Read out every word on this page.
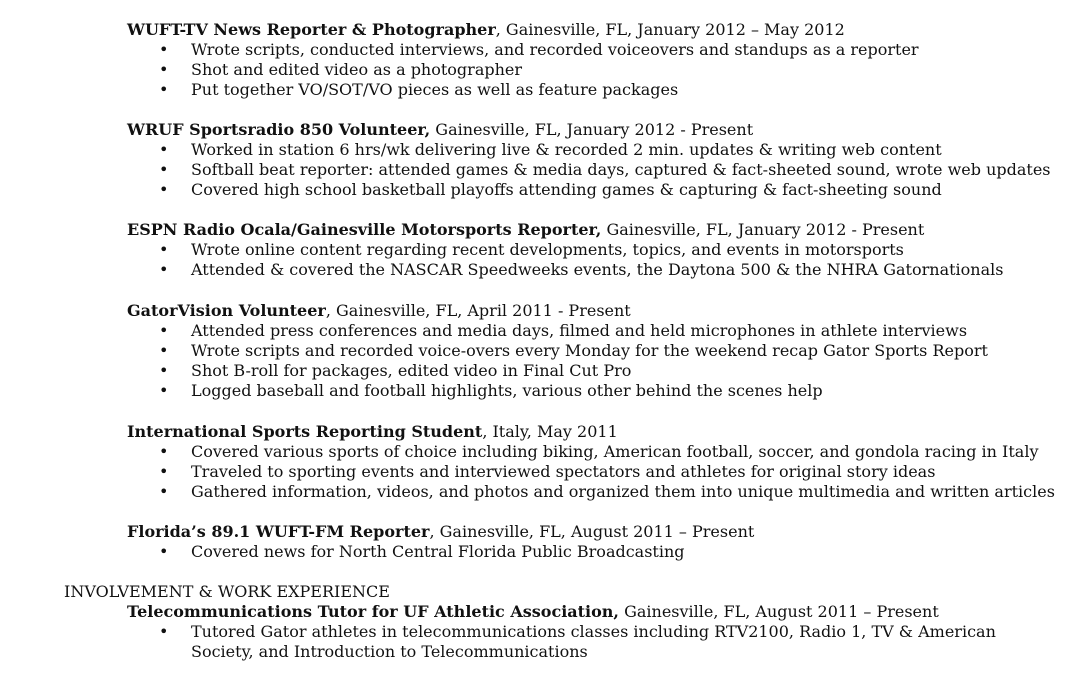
WUFT-TV News Reporter & Photographer, Gainesville, FL, January 2012 – May 2012
• Wrote scripts, conducted interviews, and recorded voiceovers and standups as a reporter
• Shot and edited video as a photographer
• Put together VO/SOT/VO pieces as well as feature packages
WRUF Sportsradio 850 Volunteer, Gainesville, FL, January 2012 - Present
• Worked in station 6 hrs/wk delivering live & recorded 2 min. updates & writing web content
• Softball beat reporter: attended games & media days, captured & fact-sheeted sound, wrote web updates
• Covered high school basketball playoffs attending games & capturing & fact-sheeting sound
ESPN Radio Ocala/Gainesville Motorsports Reporter, Gainesville, FL, January 2012 - Present
• Wrote online content regarding recent developments, topics, and events in motorsports
• Attended & covered the NASCAR Speedweeks events, the Daytona 500 & the NHRA Gatornationals
GatorVision Volunteer, Gainesville, FL, April 2011 - Present
• Attended press conferences and media days, filmed and held microphones in athlete interviews
• Wrote scripts and recorded voice-overs every Monday for the weekend recap Gator Sports Report
• Shot B-roll for packages, edited video in Final Cut Pro
• Logged baseball and football highlights, various other behind the scenes help
International Sports Reporting Student, Italy, May 2011
• Covered various sports of choice including biking, American football, soccer, and gondola racing in Italy
• Traveled to sporting events and interviewed spectators and athletes for original story ideas
• Gathered information, videos, and photos and organized them into unique multimedia and written articles
Florida’s 89.1 WUFT-FM Reporter, Gainesville, FL, August 2011 – Present
• Covered news for North Central Florida Public Broadcasting
INVOLVEMENT & WORK EXPERIENCE
Telecommunications Tutor for UF Athletic Association, Gainesville, FL, August 2011 – Present
• Tutored Gator athletes in telecommunications classes including RTV2100, Radio 1, TV & American Society, and Introduction to Telecommunications
